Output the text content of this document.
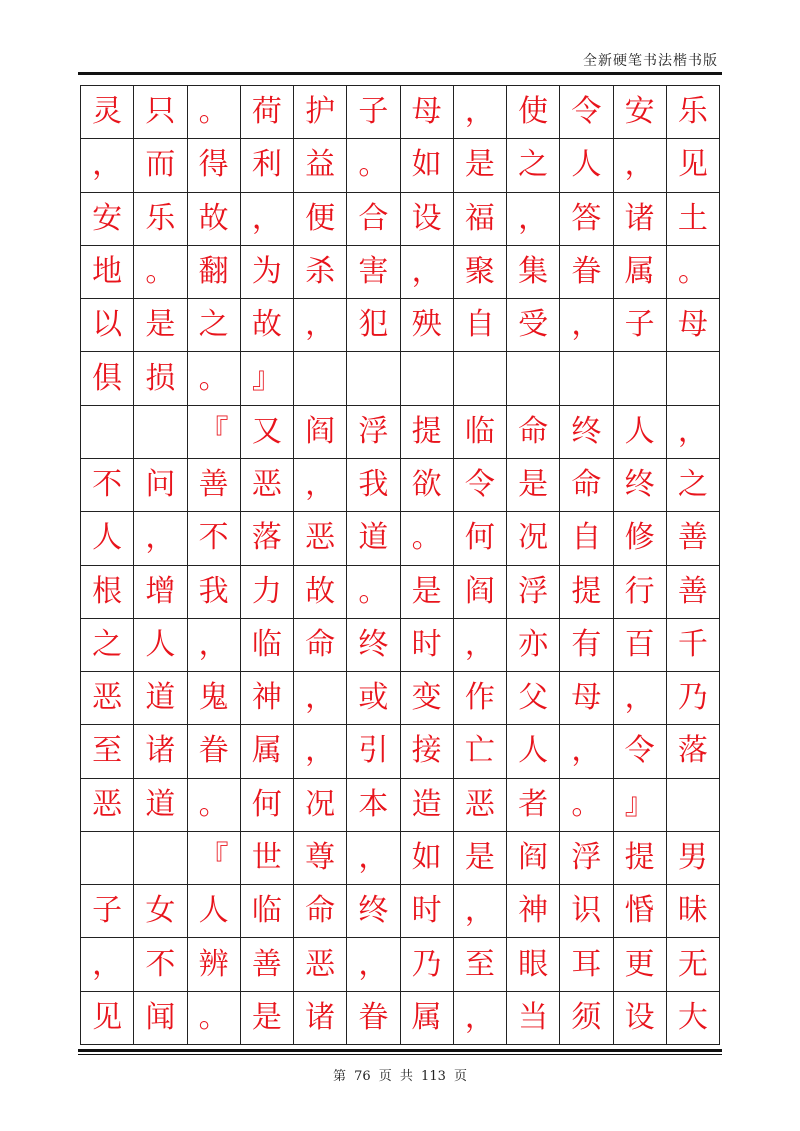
全新硬笔书法楷书版
灵 只 。 荷 护 子 母 ， 使 令 安 乐
， 而 得 利 益 。 如 是 之 人 ， 见
安 乐 故 ， 便 合 设 福 ， 答 诸 土
地 。 翻 为 杀 害 ， 聚 集 眷 属 。
以 是 之 故 ， 犯 殃 自 受 ， 子 母
俱 损 。 』
『 又 阎 浮 提 临 命 终 人 ，
不 问 善 恶 ， 我 欲 令 是 命 终 之
人 ， 不 落 恶 道 。 何 况 自 修 善
根 增 我 力 故 。 是 阎 浮 提 行 善
之 人 ， 临 命 终 时 ， 亦 有 百 千
恶 道 鬼 神 ， 或 变 作 父 母 ， 乃
至 诸 眷 属 ， 引 接 亡 人 ， 令 落
恶 道 。 何 况 本 造 恶 者 。 』
『 世 尊 ， 如 是 阎 浮 提 男
子 女 人 临 命 终 时 ， 神 识 惛 昧
， 不 辨 善 恶 ， 乃 至 眼 耳 更 无
见 闻 。 是 诸 眷 属 ， 当 须 设 大
第 76 页 共 113 页
